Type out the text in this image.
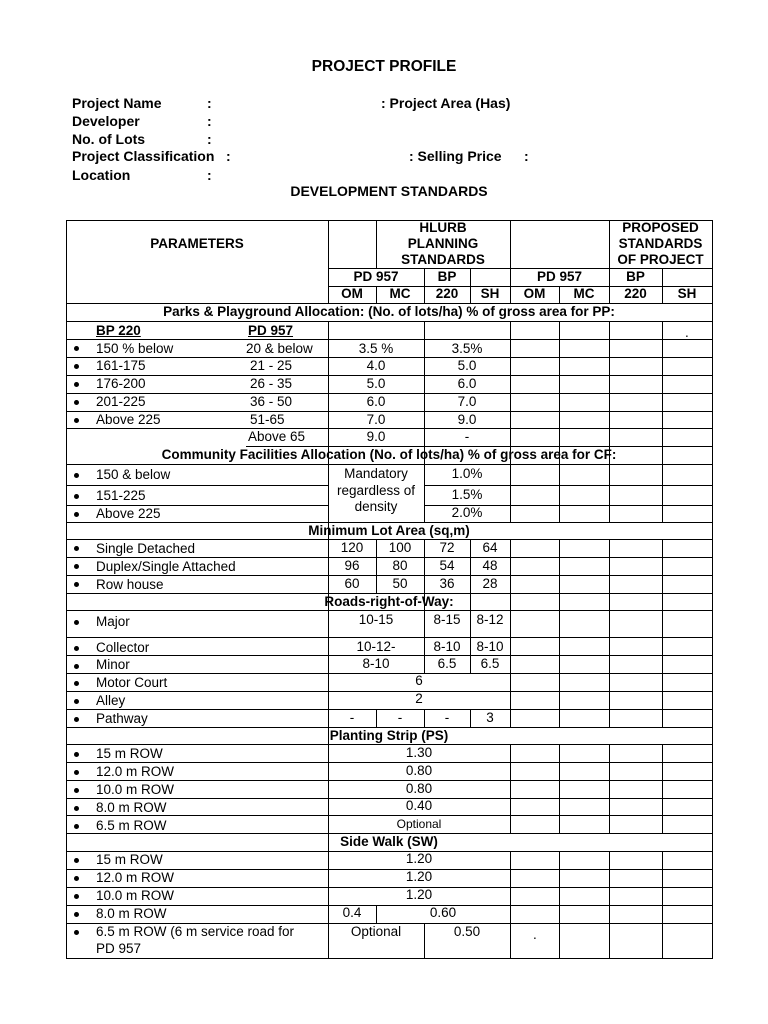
PROJECT PROFILE
Project Name	:	: Project Area (Has)
Developer	:
No. of Lots	:
Project Classification :	: Selling Price :
Location	:
DEVELOPMENT STANDARDS
PARAMETERS
HLURB
PLANNING
STANDARDS
PROPOSED
STANDARDS
OF PROJECT
PD 957	BP	PD 957	BP
OM	MC	220	SH	OM	MC	220	SH
Parks & Playground Allocation: (No. of lots/ha) % of gross area for PP:
BP 220	PD 957	.
150 % below	20 & below	3.5 %	3.5%
161-175	21 - 25	4.0	5.0
176-200	26 - 35	5.0	6.0
201-225	36 - 50	6.0	7.0
Above 225	51-65	7.0	9.0
Above 65	9.0	-
Community Facilities Allocation (No. of lots/ha) % of gross area for CF:
150 & below	1.0%
151-225	1.5%
Above 225	2.0%
Mandatory
regardless of
density
Minimum Lot Area (sq,m)
Single Detached	120	100	72	64
Duplex/Single Attached	96	80	54	48
Row house	60	50	36	28
Roads-right-of-Way:
Major	10-15	8-15	8-12
Collector	10-12-	8-10	8-10
Minor	8-10	6.5	6.5
Motor Court	6
Alley	2
Pathway	-	-	-	3
Planting Strip (PS)
15 m ROW	1.30
12.0 m ROW	0.80
10.0 m ROW	0.80
8.0 m ROW	0.40
6.5 m ROW	Optional
Side Walk (SW)
15 m ROW	1.20
12.0 m ROW	1.20
10.0 m ROW	1.20
8.0 m ROW	0.4	0.60
6.5 m ROW (6 m service road for
PD 957
Optional	0.50	.
